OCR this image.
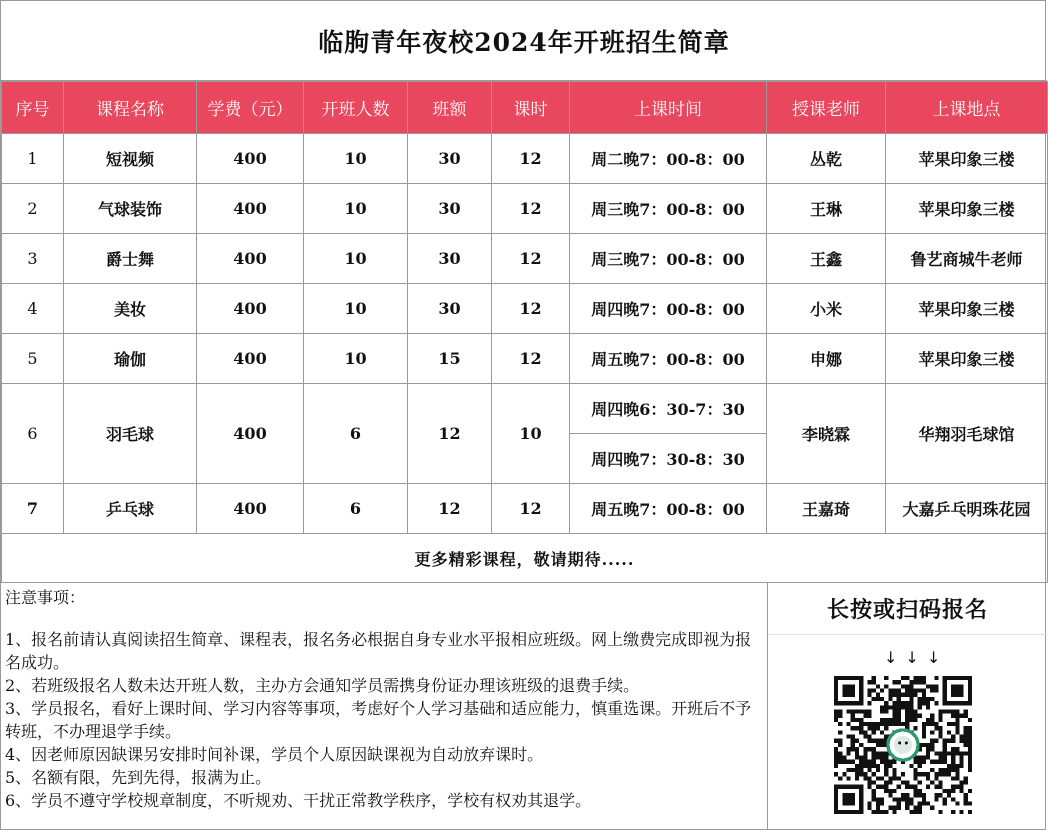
临朐青年夜校2024年开班招生简章
序号	课程名称	学费（元）	开班人数	班额	课时	上课时间	授课老师	上课地点
1	短视频	400	10	30	12	周二晚7：00-8：00	丛乾	苹果印象三楼
2	气球装饰	400	10	30	12	周三晚7：00-8：00	王琳	苹果印象三楼
3	爵士舞	400	10	30	12	周三晚7：00-8：00	王鑫	鲁艺商城牛老师
4	美妆	400	10	30	12	周四晚7：00-8：00	小米	苹果印象三楼
5	瑜伽	400	10	15	12	周五晚7：00-8：00	申娜	苹果印象三楼
6	羽毛球	400	6	12	10	周四晚6：30-7：30	李晓霖	华翔羽毛球馆
						周四晚7：30-8：30		
7	乒乓球	400	6	12	12	周五晚7：00-8：00	王嘉琦	大嘉乒乓明珠花园
更多精彩课程，敬请期待.....								
注意事项：

1、报名前请认真阅读招生简章、课程表，报名务必根据自身专业水平报相应班级。网上缴费完成即视为报名成功。

2、若班级报名人数未达开班人数，主办方会通知学员需携身份证办理该班级的退费手续。

3、学员报名，看好上课时间、学习内容等事项，考虑好个人学习基础和适应能力，慎重选课。开班后不予转班，不办理退学手续。

4、因老师原因缺课另安排时间补课，学员个人原因缺课视为自动放弃课时。

5、名额有限，先到先得，报满为止。

6、学员不遵守学校规章制度，不听规劝、干扰正常教学秩序，学校有权劝其退学。

长按或扫码报名
↓↓↓
